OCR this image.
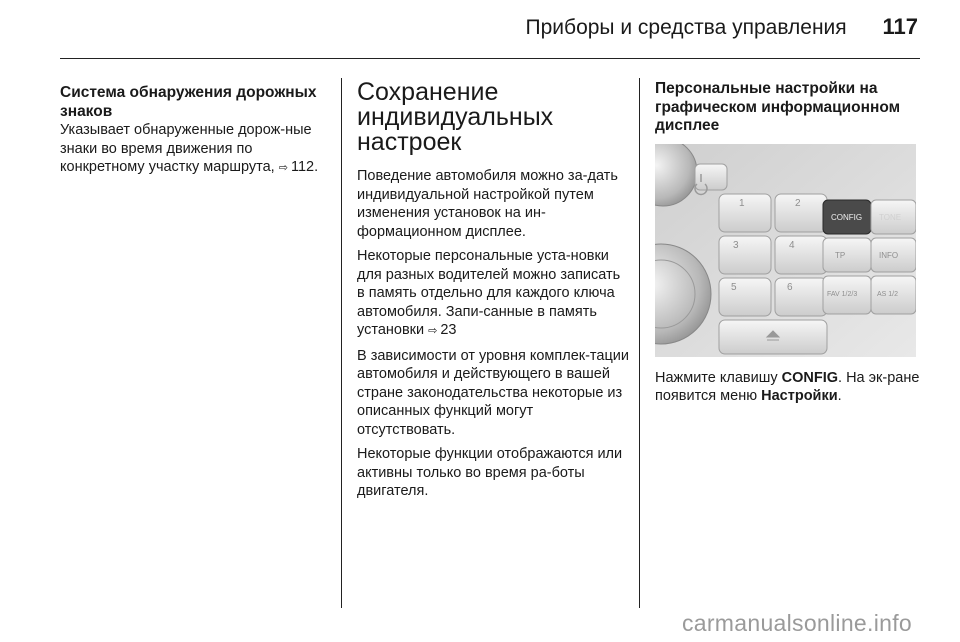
Приборы и средства управления 117
Система обнаружения дорожных знаков

Указывает обнаруженные дорож-ные знаки во время движения по конкретному участку маршрута, ⇨ 112.

Сохранение индивидуальных настроек

Поведение автомобиля можно за-дать индивидуальной настройкой путем изменения установок на ин-формационном дисплее.

Некоторые персональные уста-новки для разных водителей можно записать в память отдельно для каждого ключа автомобиля. Запи-санные в память установки ⇨ 23

В зависимости от уровня комплек-тации автомобиля и действующего в вашей стране законодательства некоторые из описанных функций могут отсутствовать.

Некоторые функции отображаются или активны только во время ра-боты двигателя.

Персональные настройки на графическом информационном дисплее
1	2
3	4
5	6
CONFIG TONE
TP	INFO
FAV 1/2/3	AS 1/2

Нажмите клавишу CONFIG. На эк-ране появится меню Настройки.

carmanualsonline.info
